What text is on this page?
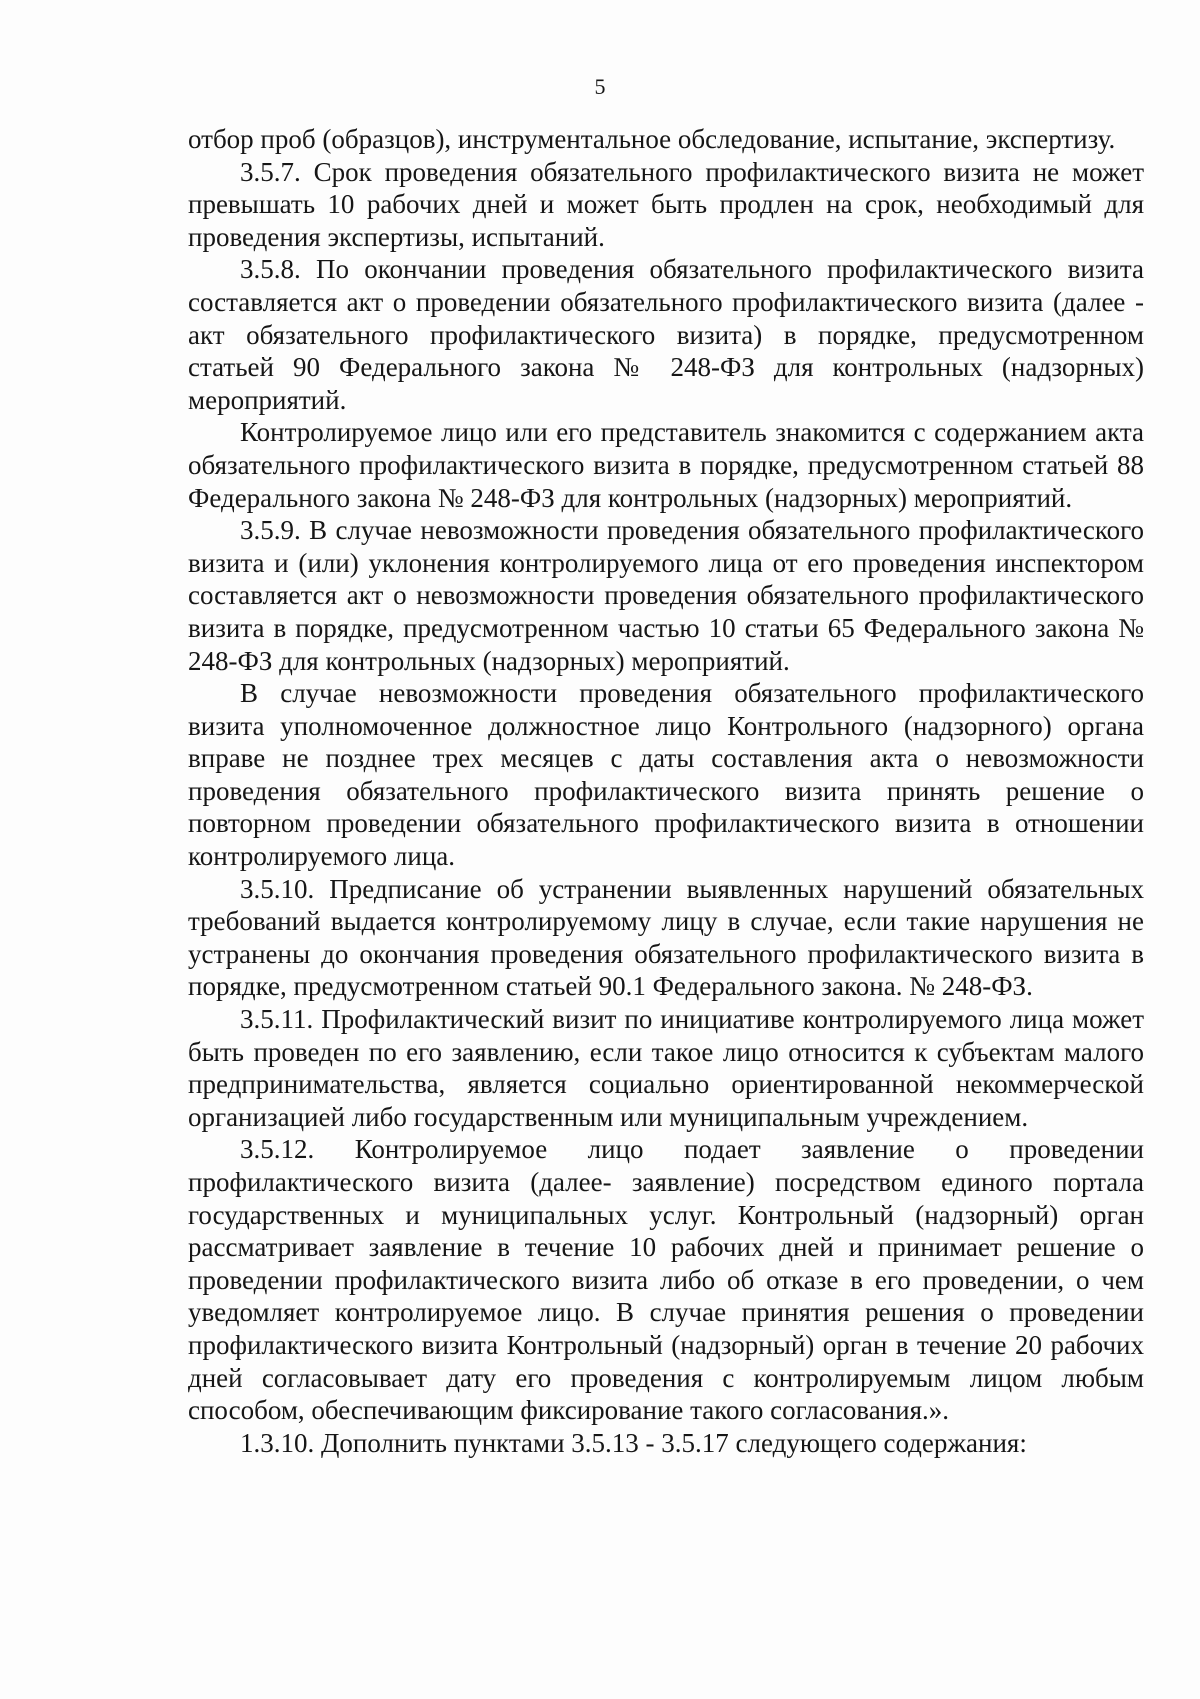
5

отбор проб (образцов), инструментальное обследование, испытание, экспертизу.

3.5.7. Срок проведения обязательного профилактического визита не может превышать 10 рабочих дней и может быть продлен на срок, необходимый для проведения экспертизы, испытаний.

3.5.8. По окончании проведения обязательного профилактического визита составляется акт о проведении обязательного профилактического визита (далее - акт обязательного профилактического визита) в порядке, предусмотренном статьей 90 Федерального закона № 248-ФЗ для контрольных (надзорных) мероприятий.

Контролируемое лицо или его представитель знакомится с содержанием акта обязательного профилактического визита в порядке, предусмотренном статьей 88 Федерального закона № 248-ФЗ для контрольных (надзорных) мероприятий.

3.5.9. В случае невозможности проведения обязательного профилактического визита и (или) уклонения контролируемого лица от его проведения инспектором составляется акт о невозможности проведения обязательного профилактического визита в порядке, предусмотренном частью 10 статьи 65 Федерального закона № 248-ФЗ для контрольных (надзорных) мероприятий.

В случае невозможности проведения обязательного профилактического визита уполномоченное должностное лицо Контрольного (надзорного) органа вправе не позднее трех месяцев с даты составления акта о невозможности проведения обязательного профилактического визита принять решение о повторном проведении обязательного профилактического визита в отношении контролируемого лица.

3.5.10. Предписание об устранении выявленных нарушений обязательных требований выдается контролируемому лицу в случае, если такие нарушения не устранены до окончания проведения обязательного профилактического визита в порядке, предусмотренном статьей 90.1 Федерального закона. № 248-ФЗ.

3.5.11. Профилактический визит по инициативе контролируемого лица может быть проведен по его заявлению, если такое лицо относится к субъектам малого предпринимательства, является социально ориентированной некоммерческой организацией либо государственным или муниципальным учреждением.

3.5.12. Контролируемое лицо подает заявление о проведении профилактического визита (далее- заявление) посредством единого портала государственных и муниципальных услуг. Контрольный (надзорный) орган рассматривает заявление в течение 10 рабочих дней и принимает решение о проведении профилактического визита либо об отказе в его проведении, о чем уведомляет контролируемое лицо. В случае принятия решения о проведении профилактического визита Контрольный (надзорный) орган в течение 20 рабочих дней согласовывает дату его проведения с контролируемым лицом любым способом, обеспечивающим фиксирование такого согласования.».

1.3.10. Дополнить пунктами 3.5.13 - 3.5.17 следующего содержания:
